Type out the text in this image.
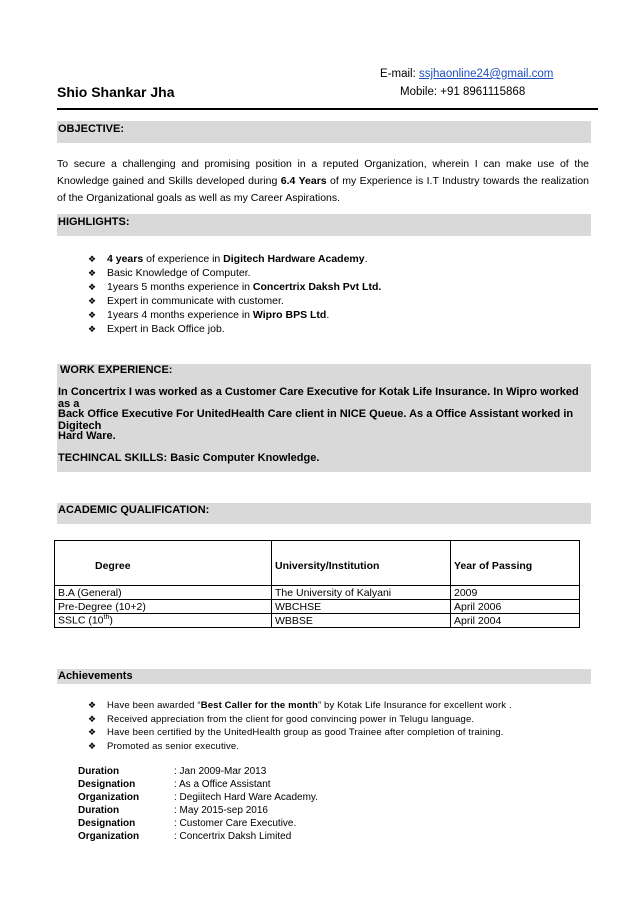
E-mail: ssjhaonline24@gmail.com
Shio Shankar Jha	Mobile: +91 8961115868
OBJECTIVE:
To secure a challenging and promising position in a reputed Organization, wherein I can make use of the Knowledge gained and Skills developed during 6.4 Years of my Experience is I.T Industry towards the realization of the Organizational goals as well as my Career Aspirations.
HIGHLIGHTS:
❖ 4 years of experience in Digitech Hardware Academy.
❖ Basic Knowledge of Computer.
❖ 1years 5 months experience in Concertrix Daksh Pvt Ltd.
❖ Expert in communicate with customer.
❖ 1years 4 months experience in Wipro BPS Ltd.
❖ Expert in Back Office job.
WORK EXPERIENCE:
In Concertrix I was worked as a Customer Care Executive for Kotak Life Insurance. In Wipro worked as a
Back Office Executive For UnitedHealth Care client in NICE Queue. As a Office Assistant worked in Digitech
Hard Ware.
TECHINCAL SKILLS: Basic Computer Knowledge.
ACADEMIC QUALIFICATION:
Degree	University/Institution	Year of Passing
B.A (General)	The University of Kalyani	2009
Pre-Degree (10+2)	WBCHSE	April 2006
SSLC (10th)	WBBSE	April 2004
Achievements
❖ Have been awarded “Best Caller for the month” by Kotak Life Insurance for excellent work .
❖ Received appreciation from the client for good convincing power in Telugu language.
❖ Have been certified by the UnitedHealth group as good Trainee after completion of training.
❖ Promoted as senior executive.
Duration	: Jan 2009-Mar 2013
Designation	: As a Office Assistant
Organization	: Degiitech Hard Ware Academy.
Duration	: May 2015-sep 2016
Designation	: Customer Care Executive.
Organization	: Concertrix Daksh Limited
